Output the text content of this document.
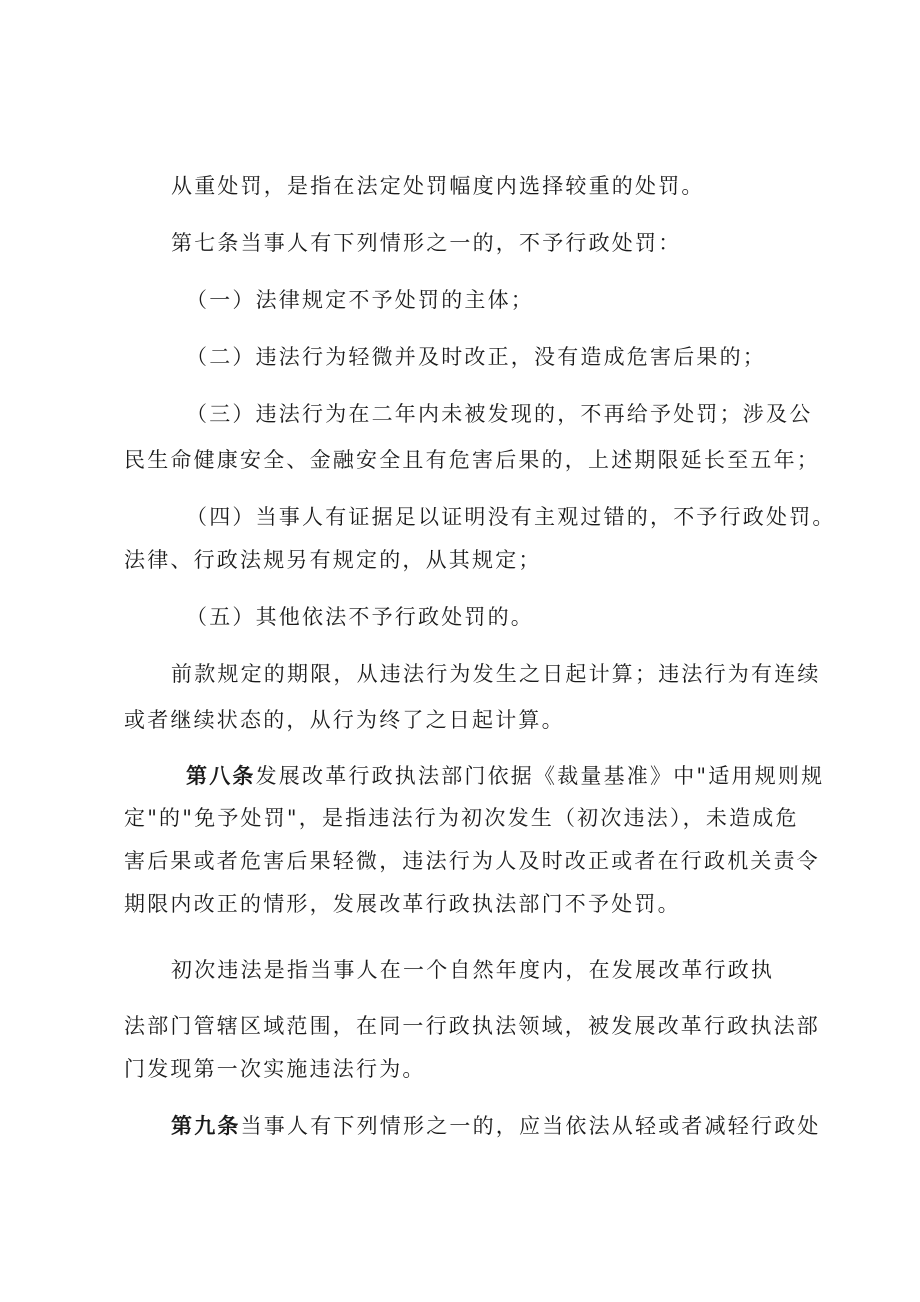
从重处罚，是指在法定处罚幅度内选择较重的处罚。
第七条当事人有下列情形之一的，不予行政处罚：
（一）法律规定不予处罚的主体；
（二）违法行为轻微并及时改正，没有造成危害后果的；
（三）违法行为在二年内未被发现的，不再给予处罚；涉及公
民生命健康安全、金融安全且有危害后果的，上述期限延长至五年；
（四）当事人有证据足以证明没有主观过错的，不予行政处罚。
法律、行政法规另有规定的，从其规定；
（五）其他依法不予行政处罚的。
前款规定的期限，从违法行为发生之日起计算；违法行为有连续
或者继续状态的，从行为终了之日起计算。
第八条发展改革行政执法部门依据《裁量基准》中"适用规则规
定"的"免予处罚"，是指违法行为初次发生（初次违法），未造成危
害后果或者危害后果轻微，违法行为人及时改正或者在行政机关责令
期限内改正的情形，发展改革行政执法部门不予处罚。
初次违法是指当事人在一个自然年度内，在发展改革行政执
法部门管辖区域范围，在同一行政执法领域，被发展改革行政执法部
门发现第一次实施违法行为。
第九条当事人有下列情形之一的，应当依法从轻或者减轻行政处
